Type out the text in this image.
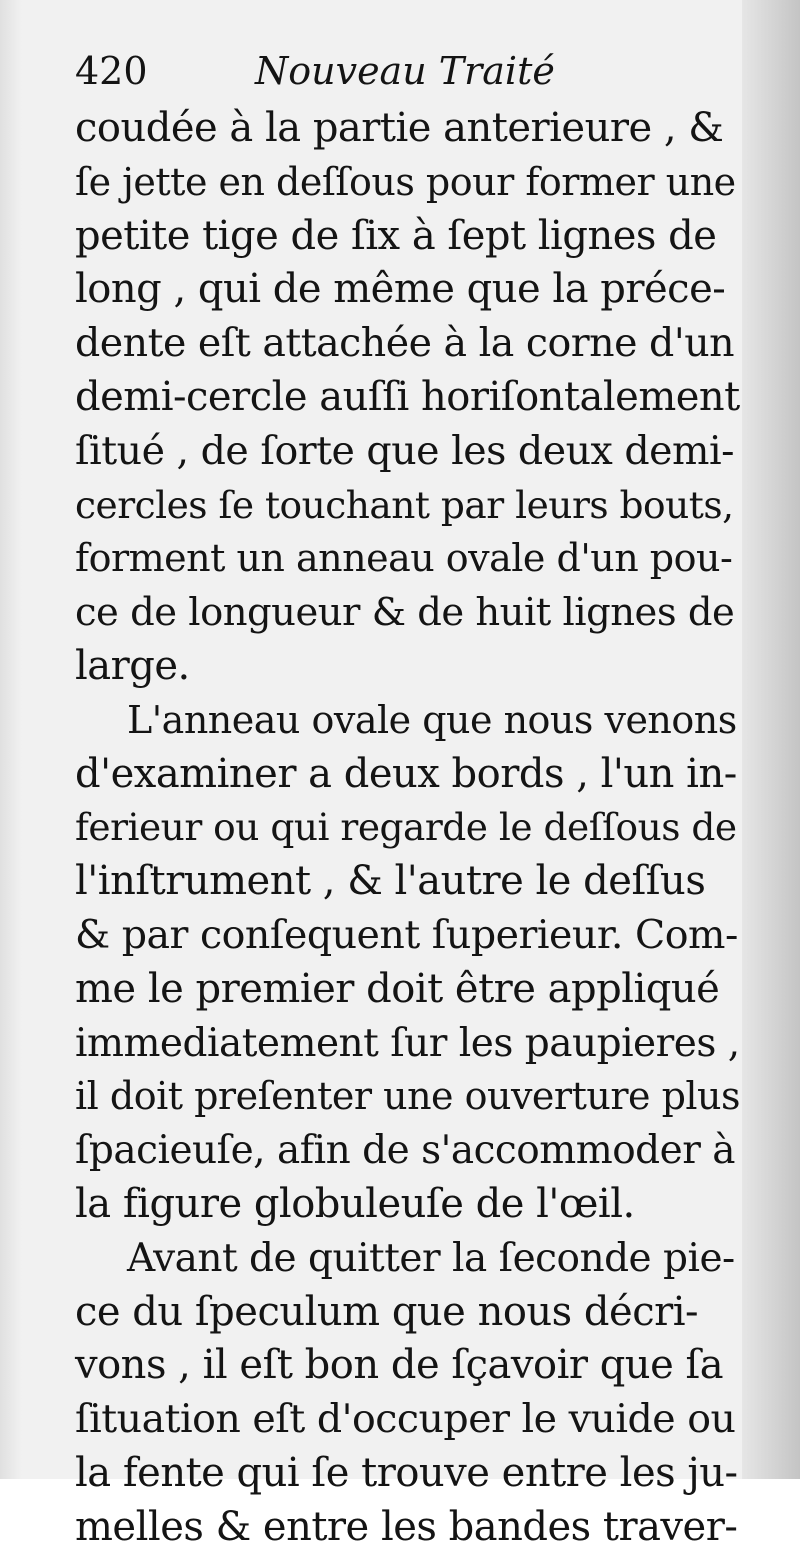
420	Nouveau Traité
coudée à la partie anterieure , &
ſe jette en deſſous pour former une
petite tige de ſix à ſept lignes de
long , qui de même que la préce-
dente eſt attachée à la corne d'un
demi-cercle auſſi horiſontalement
ſitué , de ſorte que les deux demi-
cercles ſe touchant par leurs bouts,
forment un anneau ovale d'un pou-
ce de longueur & de huit lignes de
large.
L'anneau ovale que nous venons
d'examiner a deux bords , l'un in-
ferieur ou qui regarde le deſſous de
l'inſtrument , & l'autre le deſſus
& par conſequent ſuperieur. Com-
me le premier doit être appliqué
immediatement ſur les paupieres ,
il doit preſenter une ouverture plus
ſpacieuſe, afin de s'accommoder à
la figure globuleuſe de l'œil.
Avant de quitter la ſeconde pie-
ce du ſpeculum que nous décri-
vons , il eſt bon de ſçavoir que ſa
ſituation eſt d'occuper le vuide ou
la fente qui ſe trouve entre les ju-
melles & entre les bandes traver-
